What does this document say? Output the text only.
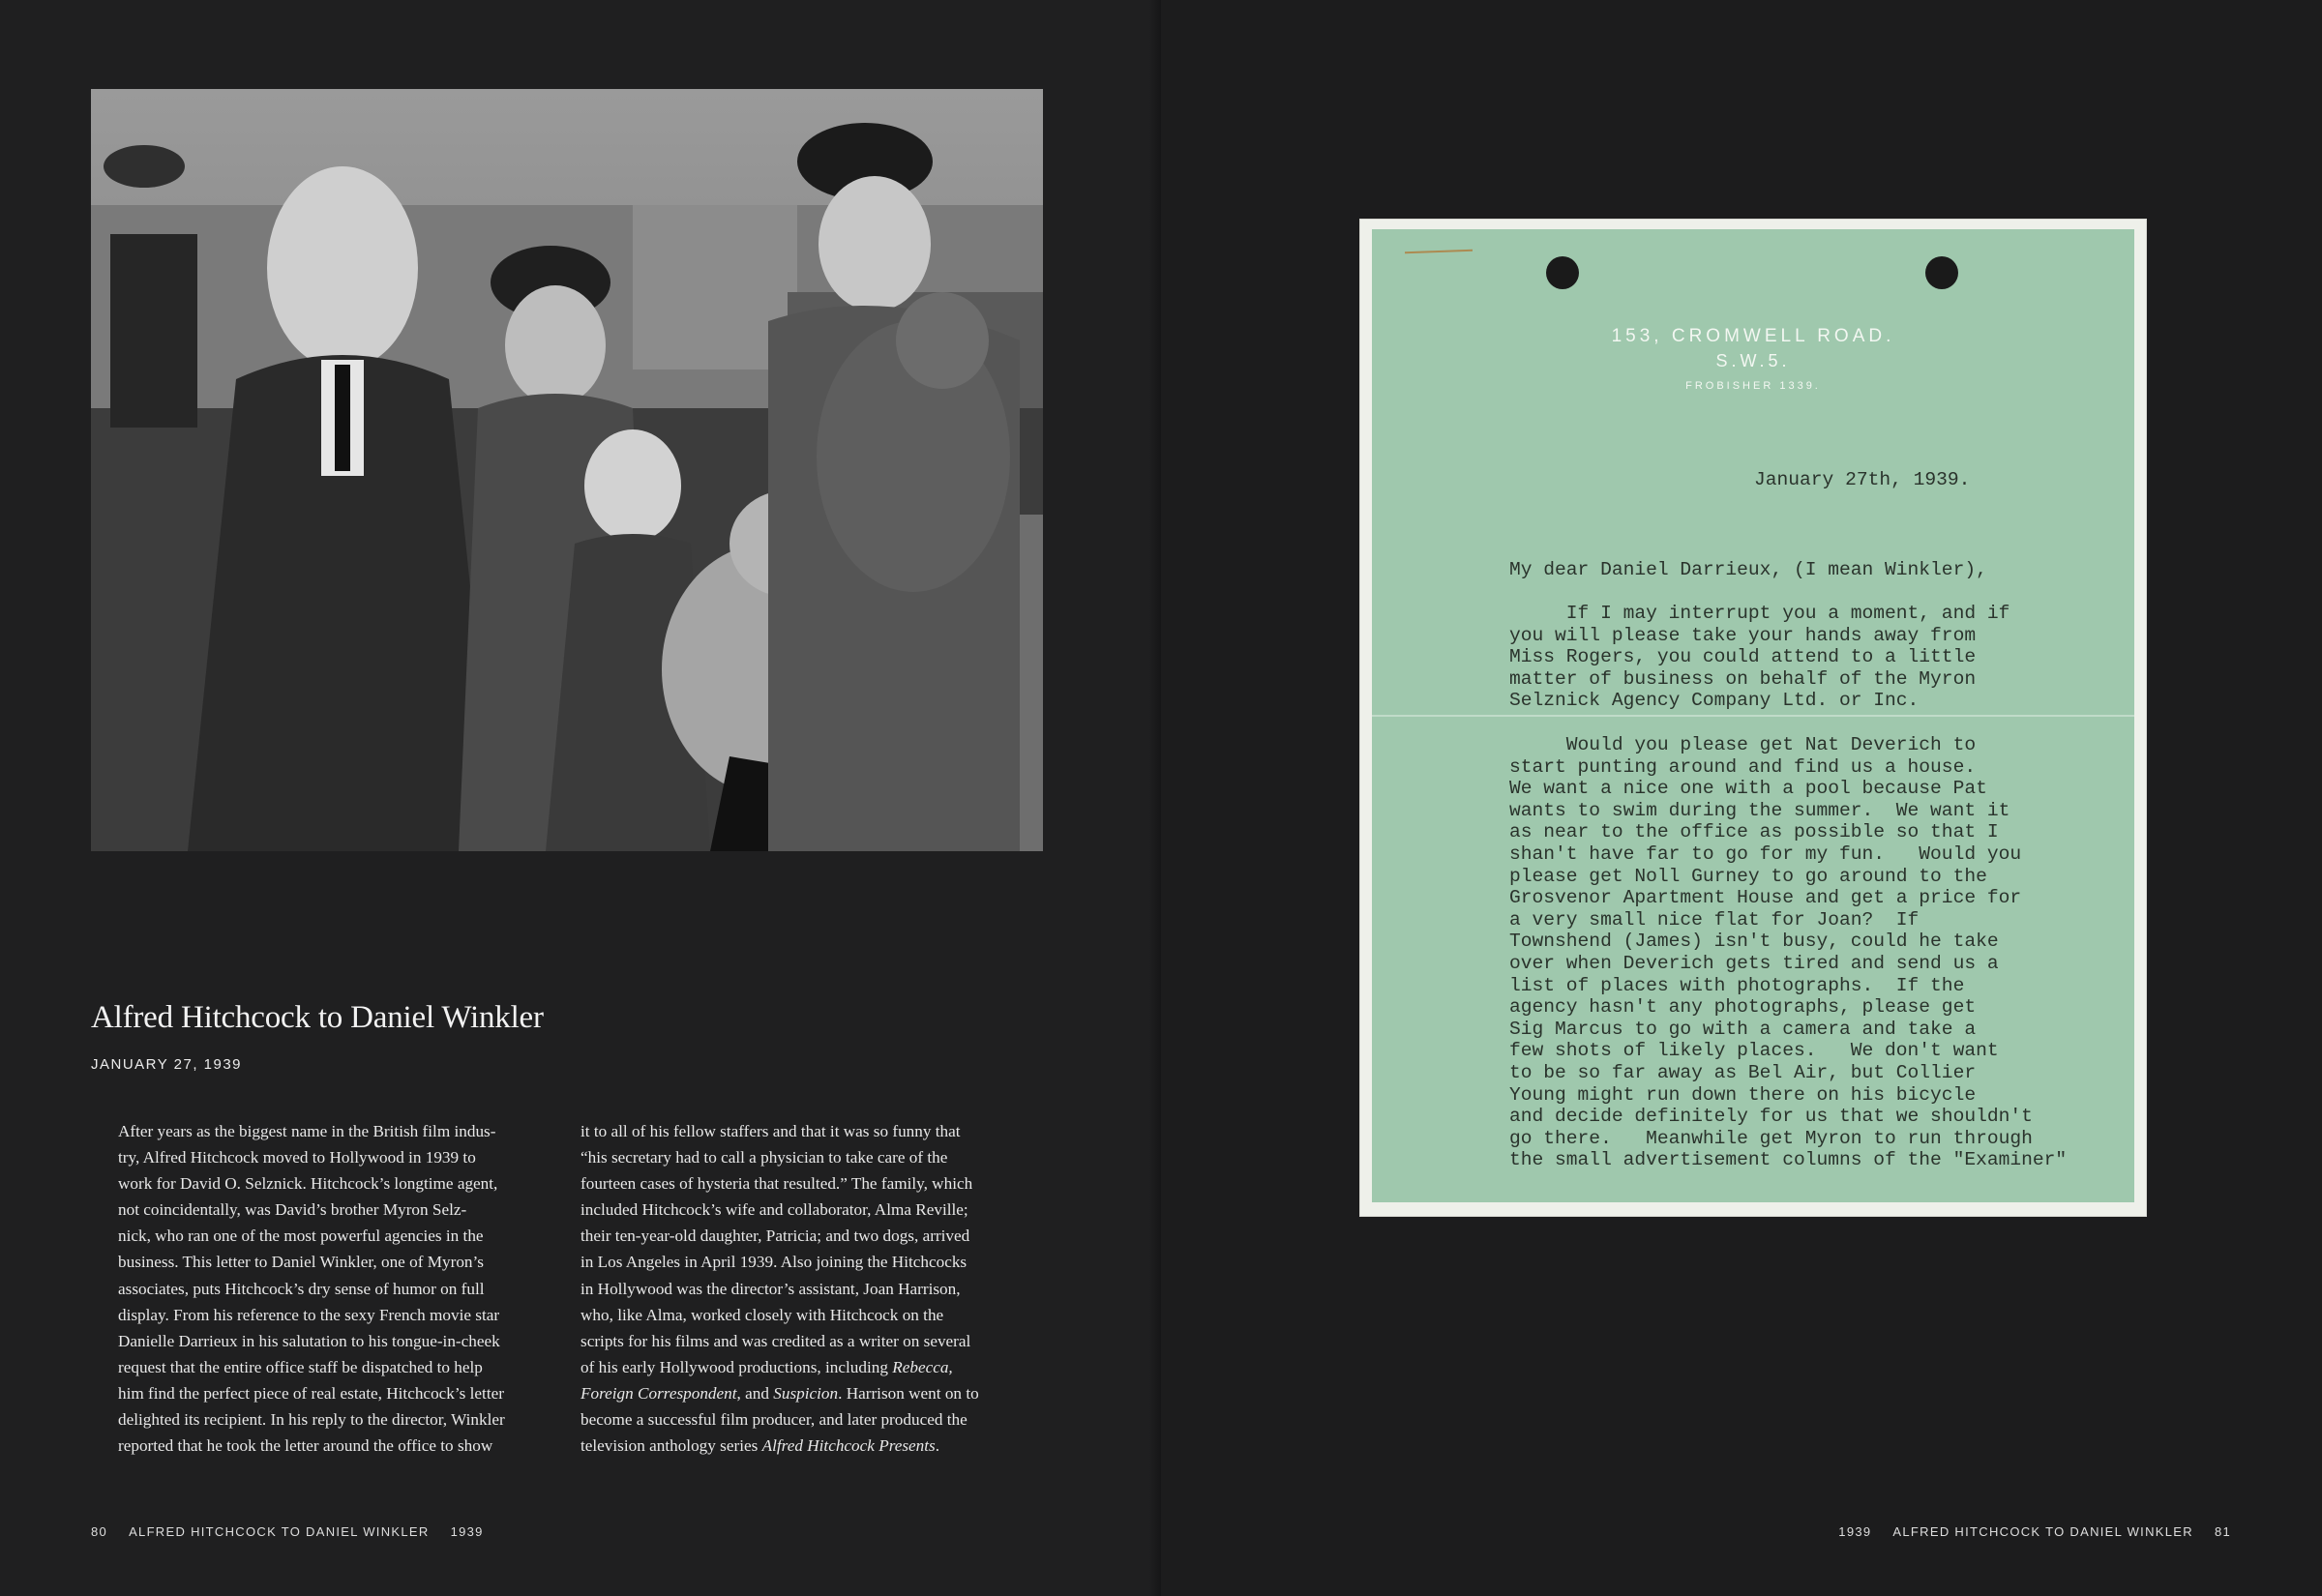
Alfred Hitchcock to Daniel Winkler
JANUARY 27, 1939
After years as the biggest name in the British film indus-
try, Alfred Hitchcock moved to Hollywood in 1939 to
work for David O. Selznick. Hitchcock’s longtime agent,
not coincidentally, was David’s brother Myron Selz-
nick, who ran one of the most powerful agencies in the
business. This letter to Daniel Winkler, one of Myron’s
associates, puts Hitchcock’s dry sense of humor on full
display. From his reference to the sexy French movie star
Danielle Darrieux in his salutation to his tongue-in-cheek
request that the entire office staff be dispatched to help
him find the perfect piece of real estate, Hitchcock’s letter
delighted its recipient. In his reply to the director, Winkler
reported that he took the letter around the office to show
it to all of his fellow staffers and that it was so funny that
“his secretary had to call a physician to take care of the
fourteen cases of hysteria that resulted.” The family, which
included Hitchcock’s wife and collaborator, Alma Reville;
their ten-year-old daughter, Patricia; and two dogs, arrived
in Los Angeles in April 1939. Also joining the Hitchcocks
in Hollywood was the director’s assistant, Joan Harrison,
who, like Alma, worked closely with Hitchcock on the
scripts for his films and was credited as a writer on several
of his early Hollywood productions, including Rebecca,
Foreign Correspondent, and Suspicion. Harrison went on to
become a successful film producer, and later produced the
television anthology series Alfred Hitchcock Presents.
80 ALFRED HITCHCOCK TO DANIEL WINKLER 1939	1939 ALFRED HITCHCOCK TO DANIEL WINKLER 81
153, CROMWELL ROAD.
S.W.5.
FROBISHER 1339.
January 27th, 1939.
My dear Daniel Darrieux, (I mean Winkler),
If I may interrupt you a moment, and if
you will please take your hands away from
Miss Rogers, you could attend to a little
matter of business on behalf of the Myron
Selznick Agency Company Ltd. or Inc.
Would you please get Nat Deverich to
start punting around and find us a house.
We want a nice one with a pool because Pat
wants to swim during the summer.  We want it
as near to the office as possible so that I
shan't have far to go for my fun.   Would you
please get Noll Gurney to go around to the
Grosvenor Apartment House and get a price for
a very small nice flat for Joan?  If
Townshend (James) isn't busy, could he take
over when Deverich gets tired and send us a
list of places with photographs.  If the
agency hasn't any photographs, please get
Sig Marcus to go with a camera and take a
few shots of likely places.   We don't want
to be so far away as Bel Air, but Collier
Young might run down there on his bicycle
and decide definitely for us that we shouldn't
go there.   Meanwhile get Myron to run through
the small advertisement columns of the "Examiner"
